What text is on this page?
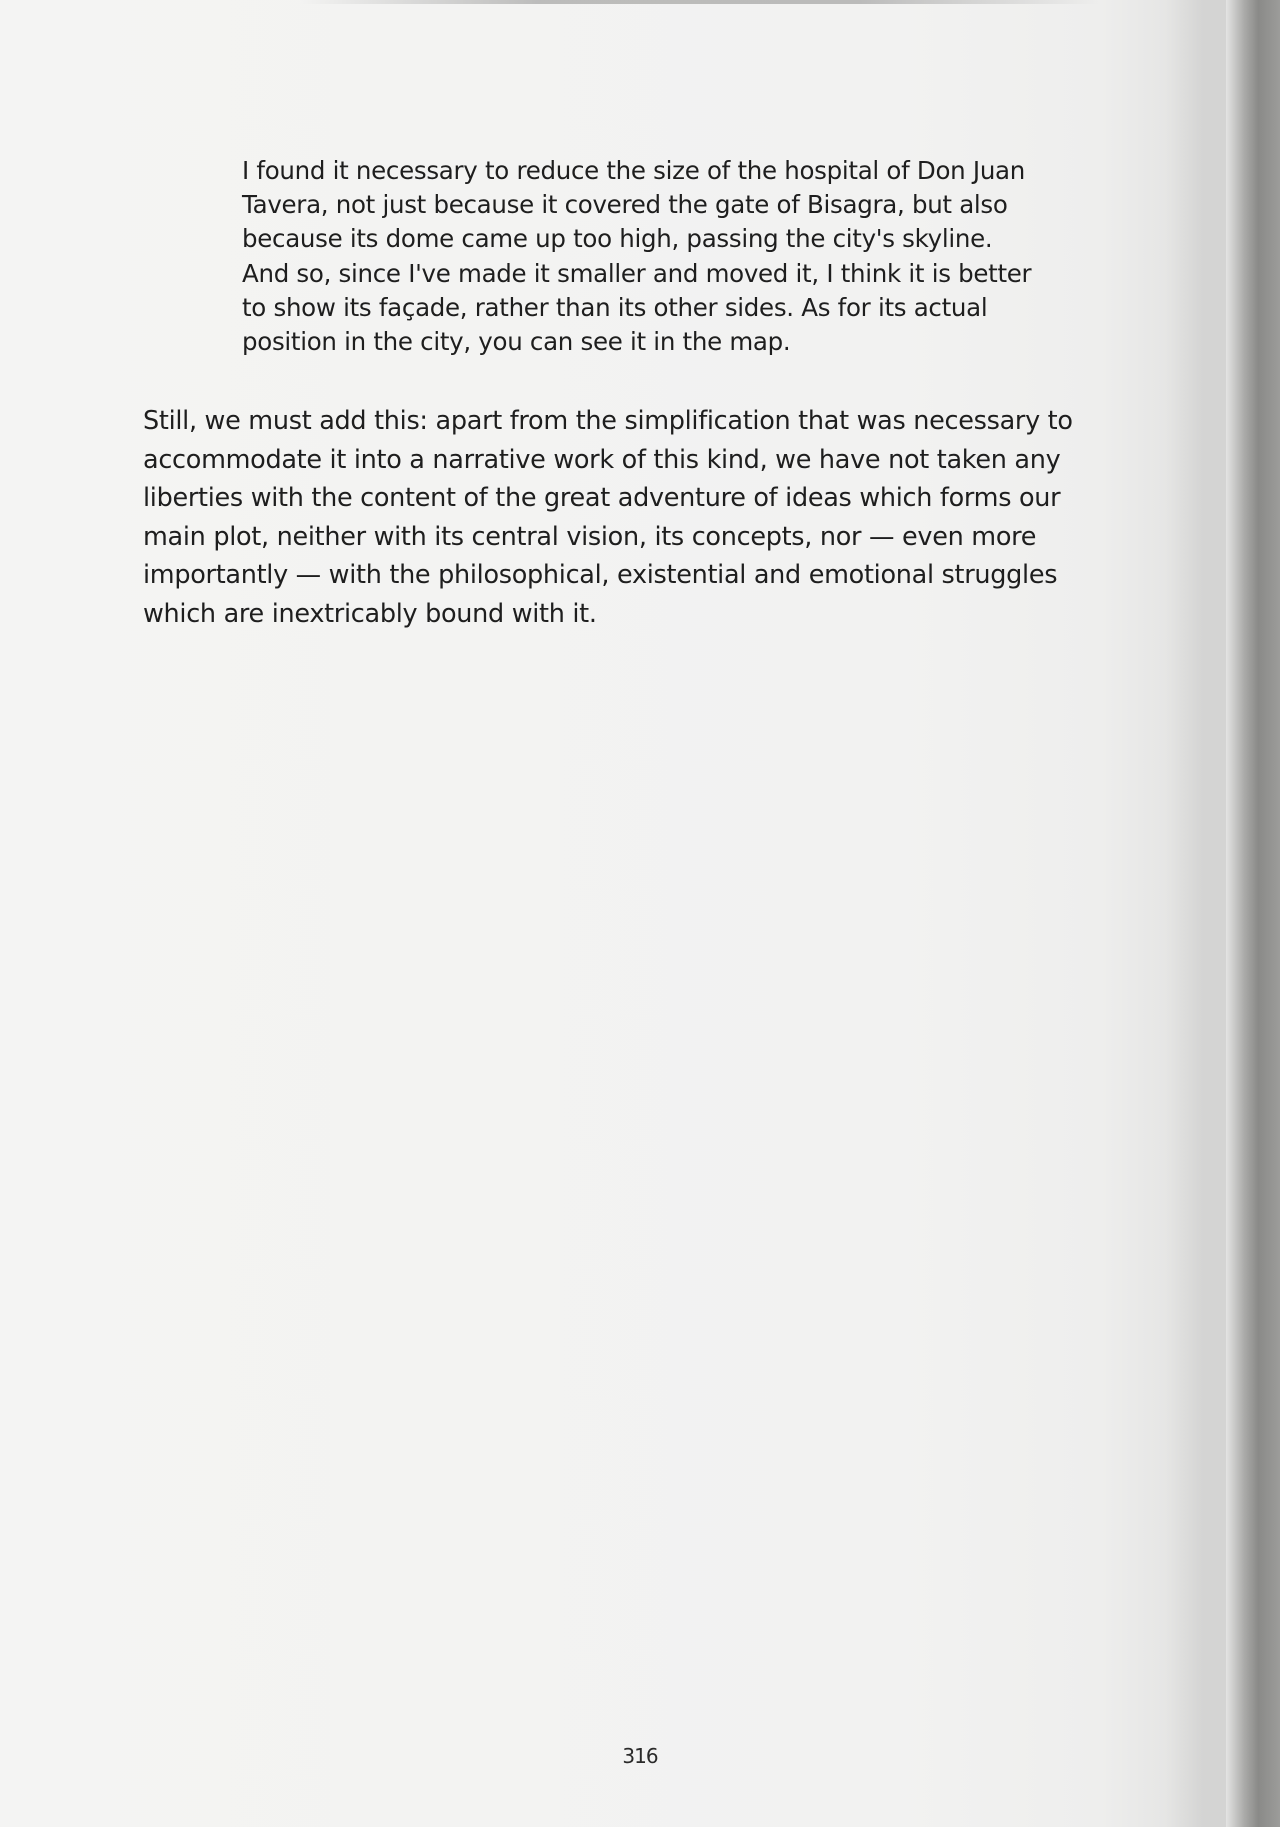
I found it necessary to reduce the size of the hospital of Don Juan
Tavera, not just because it covered the gate of Bisagra, but also
because its dome came up too high, passing the city's skyline.
And so, since I've made it smaller and moved it, I think it is better
to show its façade, rather than its other sides. As for its actual
position in the city, you can see it in the map.

Still, we must add this: apart from the simplification that was necessary to
accommodate it into a narrative work of this kind, we have not taken any
liberties with the content of the great adventure of ideas which forms our
main plot, neither with its central vision, its concepts, nor — even more
importantly — with the philosophical, existential and emotional struggles
which are inextricably bound with it.

316
